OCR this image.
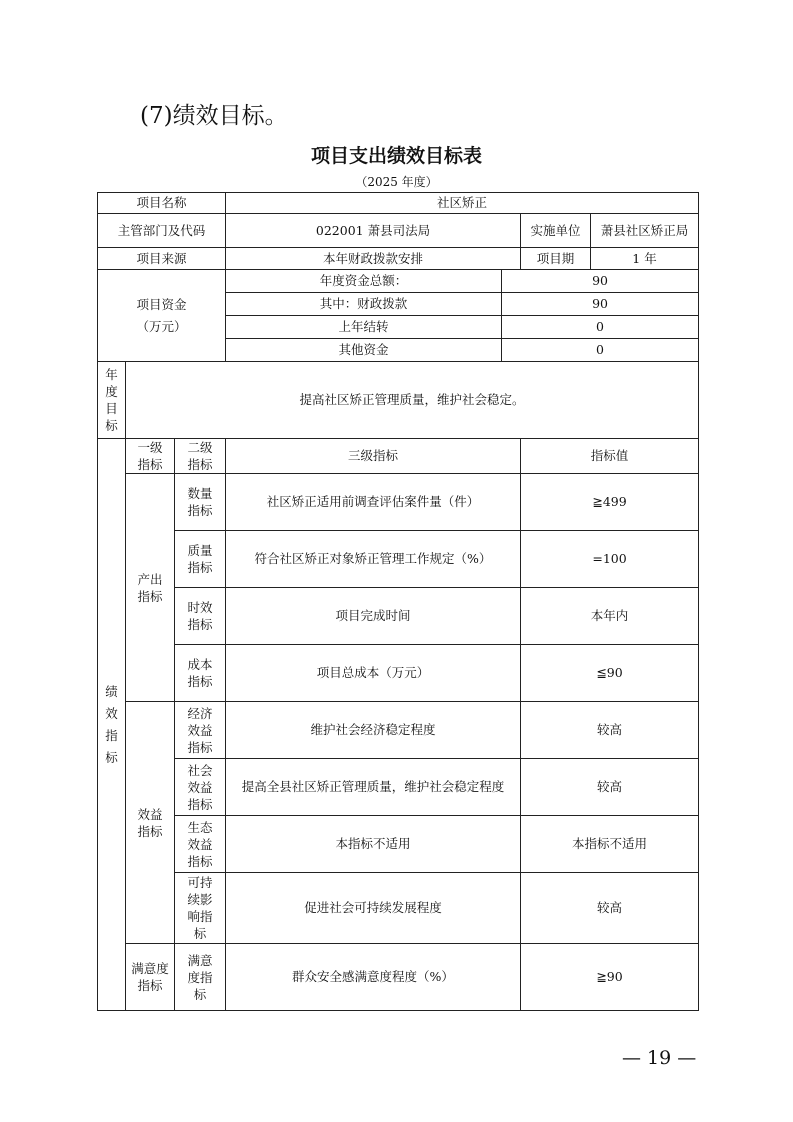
(7)绩效目标。
项目支出绩效目标表
（2025 年度）
项目名称			社区矫正			
主管部门及代码			022001 萧县司法局		实施单位	萧县社区矫正局
项目来源			本年财政拨款安排		项目期	1 年

项目资金
（万元）			年度资金总额：	90		
			其中：财政拨款	90		
			上年结转	0		
			其他资金	0		
年度目标	提高社区矫正管理质量，维护社会稳定。					
绩效指标	一级指标	二级指标	三级指标		指标值	
	产出指标	数量指标	社区矫正适用前调查评估案件量（件）		≧499	
		质量指标	符合社区矫正对象矫正管理工作规定（%）		=100	
		时效指标	项目完成时间		本年内	
		成本指标	项目总成本（万元）		≦90	
	效益指标	经济效益指标	维护社会经济稳定程度		较高	
		社会效益指标	提高全县社区矫正管理质量，维护社会稳定程度		较高	
		生态效益指标	本指标不适用		本指标不适用	
		可持续影响指标	促进社会可持续发展程度		较高	
	满意度指标	满意度指标	群众安全感满意度程度（%）		≧90	
— 19 —
